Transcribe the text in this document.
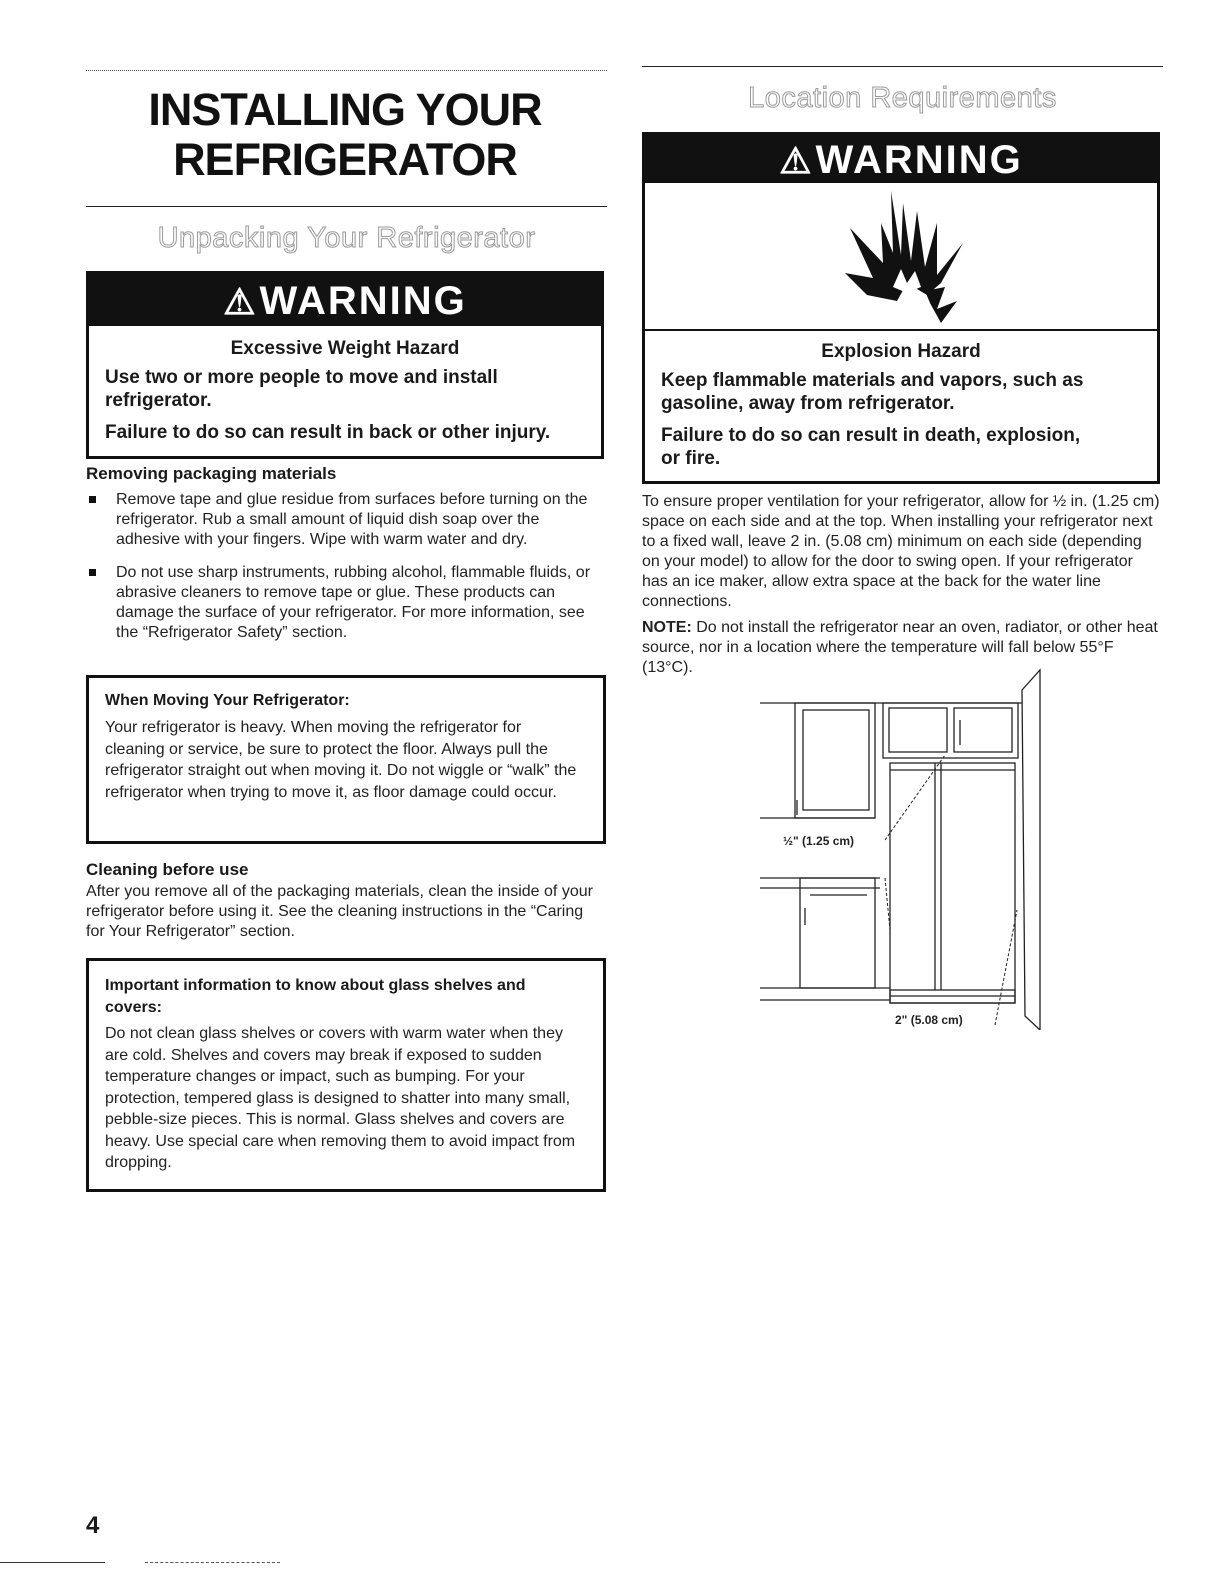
INSTALLING YOUR
REFRIGERATOR
Unpacking Your Refrigerator
⚠WARNING

Excessive Weight Hazard

Use two or more people to move and install refrigerator.

Failure to do so can result in back or other injury.

Removing packaging materials

Remove tape and glue residue from surfaces before turning on the refrigerator. Rub a small amount of liquid dish soap over the adhesive with your fingers. Wipe with warm water and dry.
Do not use sharp instruments, rubbing alcohol, flammable fluids, or abrasive cleaners to remove tape or glue. These products can damage the surface of your refrigerator. For more information, see the “Refrigerator Safety” section.
When Moving Your Refrigerator:

Your refrigerator is heavy. When moving the refrigerator for cleaning or service, be sure to protect the floor. Always pull the refrigerator straight out when moving it. Do not wiggle or “walk” the refrigerator when trying to move it, as floor damage could occur.

Cleaning before use

After you remove all of the packaging materials, clean the inside of your refrigerator before using it. See the cleaning instructions in the “Caring for Your Refrigerator” section.

Important information to know about glass shelves and covers:

Do not clean glass shelves or covers with warm water when they are cold. Shelves and covers may break if exposed to sudden temperature changes or impact, such as bumping. For your protection, tempered glass is designed to shatter into many small, pebble-size pieces. This is normal. Glass shelves and covers are heavy. Use special care when removing them to avoid impact from dropping.

Location Requirements
⚠WARNING

Explosion Hazard

Keep flammable materials and vapors, such as gasoline, away from refrigerator.

Failure to do so can result in death, explosion, or fire.

To ensure proper ventilation for your refrigerator, allow for ½ in. (1.25 cm) space on each side and at the top. When installing your refrigerator next to a fixed wall, leave 2 in. (5.08 cm) minimum on each side (depending on your model) to allow for the door to swing open. If your refrigerator has an ice maker, allow extra space at the back for the water line connections.

NOTE: Do not install the refrigerator near an oven, radiator, or other heat source, nor in a location where the temperature will fall below 55°F (13°C).

½" (1.25 cm)
2" (5.08 cm)
4
